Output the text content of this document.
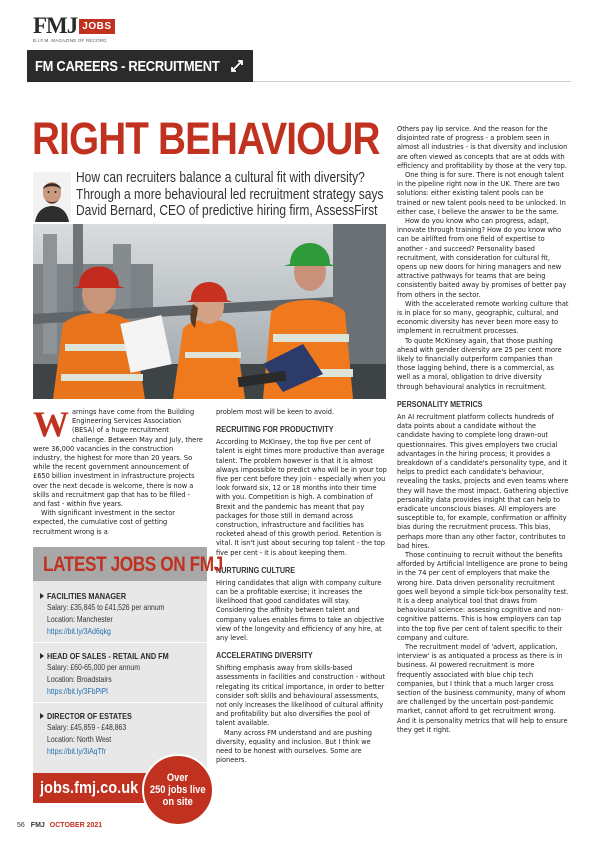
FMJ JOBS
B.I.F.M. MAGAZINE OF RECORD
FM CAREERS - RECRUITMENT
RIGHT BEHAVIOUR

How can recruiters balance a cultural fit with diversity? Through a more behavioural led recruitment strategy says David Bernard, CEO of predictive hiring firm, AssessFirst

Warnings have come from the Building Engineering Services Association (BESA) of a huge recruitment challenge. Between May and July, there were 36,000 vacancies in the construction industry, the highest for more than 20 years. So while the recent government announcement of £650 billion investment in infrastructure projects over the next decade is welcome, there is now a skills and recruitment gap that has to be filled - and fast - within five years.

With significant investment in the sector expected, the cumulative cost of getting recruitment wrong is a

problem most will be keen to avoid.

RECRUITING FOR PRODUCTIVITY

According to McKinsey, the top five per cent of talent is eight times more productive than average talent. The problem however is that it is almost always impossible to predict who will be in your top five per cent before they join - especially when you look forward six, 12 or 18 months into their time with you. Competition is high. A combination of Brexit and the pandemic has meant that pay packages for those still in demand across construction, infrastructure and facilities has rocketed ahead of this growth period. Retention is vital. It isn't just about securing top talent - the top five per cent - it is about keeping them.

NURTURING CULTURE

Hiring candidates that align with company culture can be a profitable exercise; it increases the likelihood that good candidates will stay. Considering the affinity between talent and company values enables firms to take an objective view of the longevity and efficiency of any hire, at any level.

ACCELERATING DIVERSITY

Shifting emphasis away from skills-based assessments in facilities and construction - without relegating its critical importance, in order to better consider soft skills and behavioural assessments, not only increases the likelihood of cultural affinity and profitability but also diversifies the pool of talent available.

Many across FM understand and are pushing diversity, equality and inclusion. But I think we need to be honest with ourselves. Some are pioneers.

Others pay lip service. And the reason for the disjointed rate of progress - a problem seen in almost all industries - is that diversity and inclusion are often viewed as concepts that are at odds with efficiency and profitability by those at the very top.

One thing is for sure. There is not enough talent in the pipeline right now in the UK. There are two solutions: either existing talent pools can be trained or new talent pools need to be unlocked. In either case, I believe the answer to be the same.

How do you know who can progress, adapt, innovate through training? How do you know who can be airlifted from one field of expertise to another - and succeed? Personality based recruitment, with consideration for cultural fit, opens up new doors for hiring managers and new attractive pathways for teams that are being consistently baited away by promises of better pay from others in the sector.

With the accelerated remote working culture that is in place for so many, geographic, cultural, and economic diversity has never been more easy to implement in recruitment processes.

To quote McKinsey again, that those pushing ahead with gender diversity are 25 per cent more likely to financially outperform companies than those lagging behind, there is a commercial, as well as a moral, obligation to drive diversity through behavioural analytics in recruitment.

PERSONALITY METRICS

An AI recruitment platform collects hundreds of data points about a candidate without the candidate having to complete long drawn-out questionnaires. This gives employers two crucial advantages in the hiring process; it provides a breakdown of a candidate's personality type, and it helps to predict each candidate's behaviour, revealing the tasks, projects and even teams where they will have the most impact. Gathering objective personality data provides insight that can help to eradicate unconscious biases. All employers are susceptible to, for example, confirmation or affinity bias during the recruitment process. This bias, perhaps more than any other factor, contributes to bad hires.

Those continuing to recruit without the benefits afforded by Artificial Intelligence are prone to being in the 74 per cent of employers that make the wrong hire. Data driven personality recruitment goes well beyond a simple tick-box personality test. It is a deep analytical tool that draws from behavioural science: assessing cognitive and non-cognitive patterns. This is how employers can tap into the top five per cent of talent specific to their company and culture.

The recruitment model of 'advert, application, interview' is as antiquated a process as there is in business. AI powered recruitment is more frequently associated with blue chip tech companies, but I think that a much larger cross section of the business community, many of whom are challenged by the uncertain post-pandemic market, cannot afford to get recruitment wrong. And it is personality metrics that will help to ensure they get it right.

LATEST JOBS ON FMJ
FACILITIES MANAGER
Salary: £35,845 to £41,526 per annum
Location: Manchester
https://bit.ly/3Ad6qkg
HEAD OF SALES - RETAIL AND FM
Salary: £60-65,000 per annum
Location: Broadstairs
https://bit.ly/3FbPiPl
DIRECTOR OF ESTATES
Salary: £45,859 - £48,863
Location: North West
https://bit.ly/3iAqTfr
jobs.fmj.co.uk	Over
250 jobs live
on site
56 FMJ OCTOBER 2021
